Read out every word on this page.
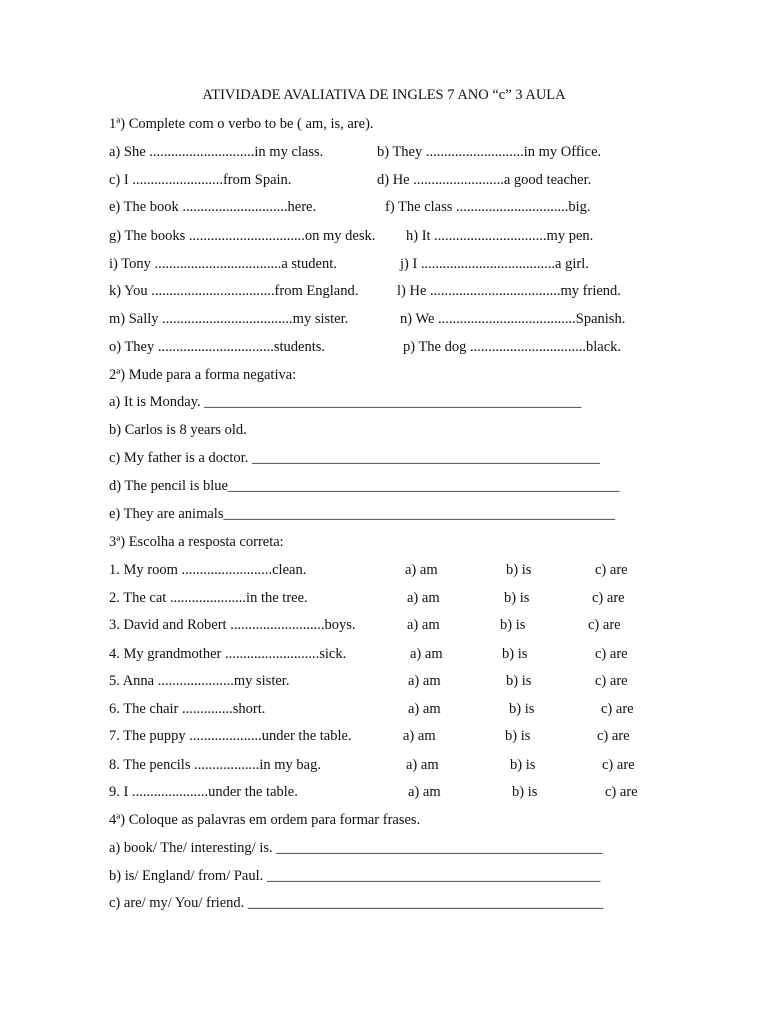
ATIVIDADE AVALIATIVA DE INGLES 7 ANO “c” 3 AULA
1ª) Complete com o verbo to be ( am, is, are).
a) She .............................in my class.	b) They ...........................in my Office.
c) I .........................from Spain.	d) He .........................a good teacher.
e) The book .............................here.	f) The class ...............................big.
g) The books ................................on my desk. h) It ...............................my pen.
i) Tony ...................................a student.	j) I .....................................a girl.
k) You ..................................from England.	l) He ....................................my friend.
m) Sally ....................................my sister.	n) We ......................................Spanish.
o) They ................................students.	p) The dog ................................black.
2ª) Mude para a forma negativa:
a) It is Monday. ____________________________________________________
b) Carlos is 8 years old.
c) My father is a doctor. ________________________________________________
d) The pencil is blue______________________________________________________
e) They are animals______________________________________________________
3ª) Escolha a resposta correta:
1. My room .........................clean.	a) am	b) is	c) are
2. The cat .....................in the tree.	a) am	b) is	c) are
3. David and Robert ..........................boys.	a) am	b) is	c) are
4. My grandmother ..........................sick.	a) am	b) is	c) are
5. Anna .....................my sister.	a) am	b) is	c) are
6. The chair ..............short.	a) am	b) is	c) are
7. The puppy ....................under the table.	a) am	b) is	c) are
8. The pencils ..................in my bag.	a) am	b) is	c) are
9. I .....................under the table.	a) am	b) is	c) are
4ª) Coloque as palavras em ordem para formar frases.
a) book/ The/ interesting/ is. _____________________________________________
b) is/ England/ from/ Paul. ______________________________________________
c) are/ my/ You/ friend. _________________________________________________
